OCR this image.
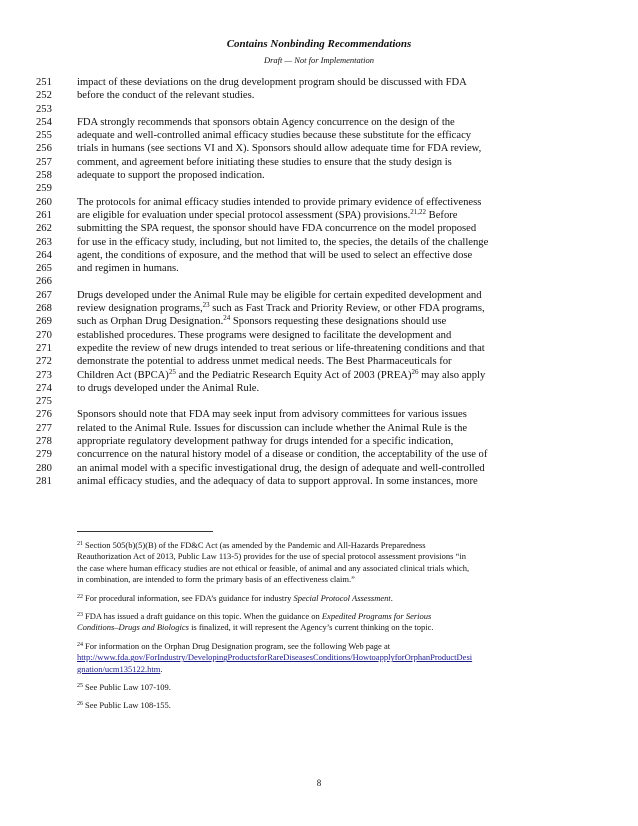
Contains Nonbinding Recommendations
Draft — Not for Implementation
251	impact of these deviations on the drug development program should be discussed with FDA
252	before the conduct of the relevant studies.
253
254	FDA strongly recommends that sponsors obtain Agency concurrence on the design of the
255	adequate and well-controlled animal efficacy studies because these substitute for the efficacy
256	trials in humans (see sections VI and X). Sponsors should allow adequate time for FDA review,
257	comment, and agreement before initiating these studies to ensure that the study design is
258	adequate to support the proposed indication.
259
260	The protocols for animal efficacy studies intended to provide primary evidence of effectiveness
261	are eligible for evaluation under special protocol assessment (SPA) provisions.$^{21,22}$ Before
262	submitting the SPA request, the sponsor should have FDA concurrence on the model proposed
263	for use in the efficacy study, including, but not limited to, the species, the details of the challenge
264	agent, the conditions of exposure, and the method that will be used to select an effective dose
265	and regimen in humans.
266
267	Drugs developed under the Animal Rule may be eligible for certain expedited development and
268	review designation programs,$^{23}$ such as Fast Track and Priority Review, or other FDA programs,
269	such as Orphan Drug Designation.$^{24}$ Sponsors requesting these designations should use
270	established procedures. These programs were designed to facilitate the development and
271	expedite the review of new drugs intended to treat serious or life-threatening conditions and that
272	demonstrate the potential to address unmet medical needs. The Best Pharmaceuticals for
273	Children Act (BPCA)$^{25}$ and the Pediatric Research Equity Act of 2003 (PREA)$^{26}$ may also apply
274	to drugs developed under the Animal Rule.
275
276	Sponsors should note that FDA may seek input from advisory committees for various issues
277	related to the Animal Rule. Issues for discussion can include whether the Animal Rule is the
278	appropriate regulatory development pathway for drugs intended for a specific indication,
279	concurrence on the natural history model of a disease or condition, the acceptability of the use of
280	an animal model with a specific investigational drug, the design of adequate and well-controlled
281	animal efficacy studies, and the adequacy of data to support approval. In some instances, more
$^{21}$ Section 505(b)(5)(B) of the FD&C Act (as amended by the Pandemic and All-Hazards Preparedness
Reauthorization Act of 2013, Public Law 113-5) provides for the use of special protocol assessment provisions “in
the case where human efficacy studies are not ethical or feasible, of animal and any associated clinical trials which,
in combination, are intended to form the primary basis of an effectiveness claim.”
$^{22}$ For procedural information, see FDA’s guidance for industry Special Protocol Assessment.
$^{23}$ FDA has issued a draft guidance on this topic. When the guidance on Expedited Programs for Serious
Conditions–Drugs and Biologics is finalized, it will represent the Agency’s current thinking on the topic.
$^{24}$ For information on the Orphan Drug Designation program, see the following Web page at
http://www.fda.gov/ForIndustry/DevelopingProductsforRareDiseasesConditions/HowtoapplyforOrphanProductDesi
gnation/ucm135122.htm.
$^{25}$ See Public Law 107-109.
$^{26}$ See Public Law 108-155.
8
